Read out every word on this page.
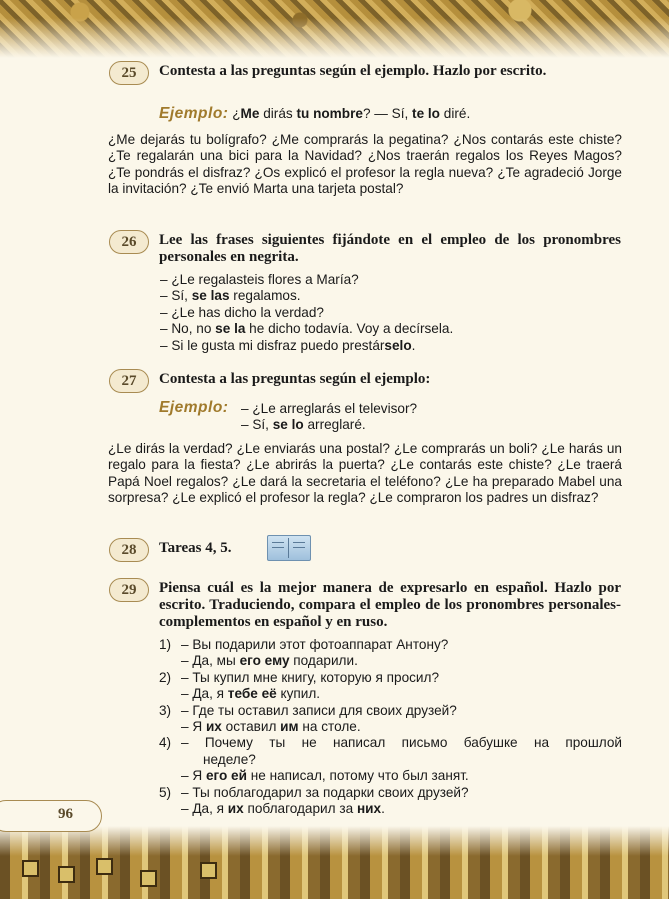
25	Contesta a las preguntas según el ejemplo. Hazlo por escrito.
Ejemplo: ¿Me dirás tu nombre? — Sí, te lo diré.
¿Me dejarás tu bolígrafo? ¿Me comprarás la pegatina? ¿Nos contarás este chiste? ¿Te regalarán una bici para la Navidad? ¿Nos traerán regalos los Reyes Magos? ¿Te pondrás el disfraz? ¿Os explicó el profesor la regla nueva? ¿Te agradeció Jorge la invitación? ¿Te envió Marta una tarjeta postal?
26	Lee las frases siguientes fijándote en el empleo de los pronombres personales en negrita.
– ¿Le regalasteis flores a María?
– Sí, se las regalamos.
– ¿Le has dicho la verdad?
– No, no se la he dicho todavía. Voy a decírsela.
– Si le gusta mi disfraz puedo prestárselo.
27	Contesta a las preguntas según el ejemplo:
Ejemplo: – ¿Le arreglarás el televisor?
– Sí, se lo arreglaré.
¿Le dirás la verdad? ¿Le enviarás una postal? ¿Le comprarás un boli? ¿Le harás un regalo para la fiesta? ¿Le abrirás la puerta? ¿Le contarás este chiste? ¿Le traerá Papá Noel regalos? ¿Le dará la secretaria el teléfono? ¿Le ha preparado Mabel una sorpresa? ¿Le explicó el profesor la regla? ¿Le compraron los padres un disfraz?
28	Tareas 4, 5.
29	Piensa cuál es la mejor manera de expresarlo en español. Hazlo por escrito. Traduciendo, compara el empleo de los pronombres personales-complementos en español y en ruso.
1) – Вы подарили этот фотоаппарат Антону?
– Да, мы его ему подарили.
2) – Ты купил мне книгу, которую я просил?
– Да, я тебе её купил.
3) – Где ты оставил записи для своих друзей?
– Я их оставил им на столе.
4) – Почему ты не написал письмо бабушке на прошлой
неделе?
– Я его ей не написал, потому что был занят.
5) – Ты поблагодарил за подарки своих друзей?
– Да, я их поблагодарил за них.
96
